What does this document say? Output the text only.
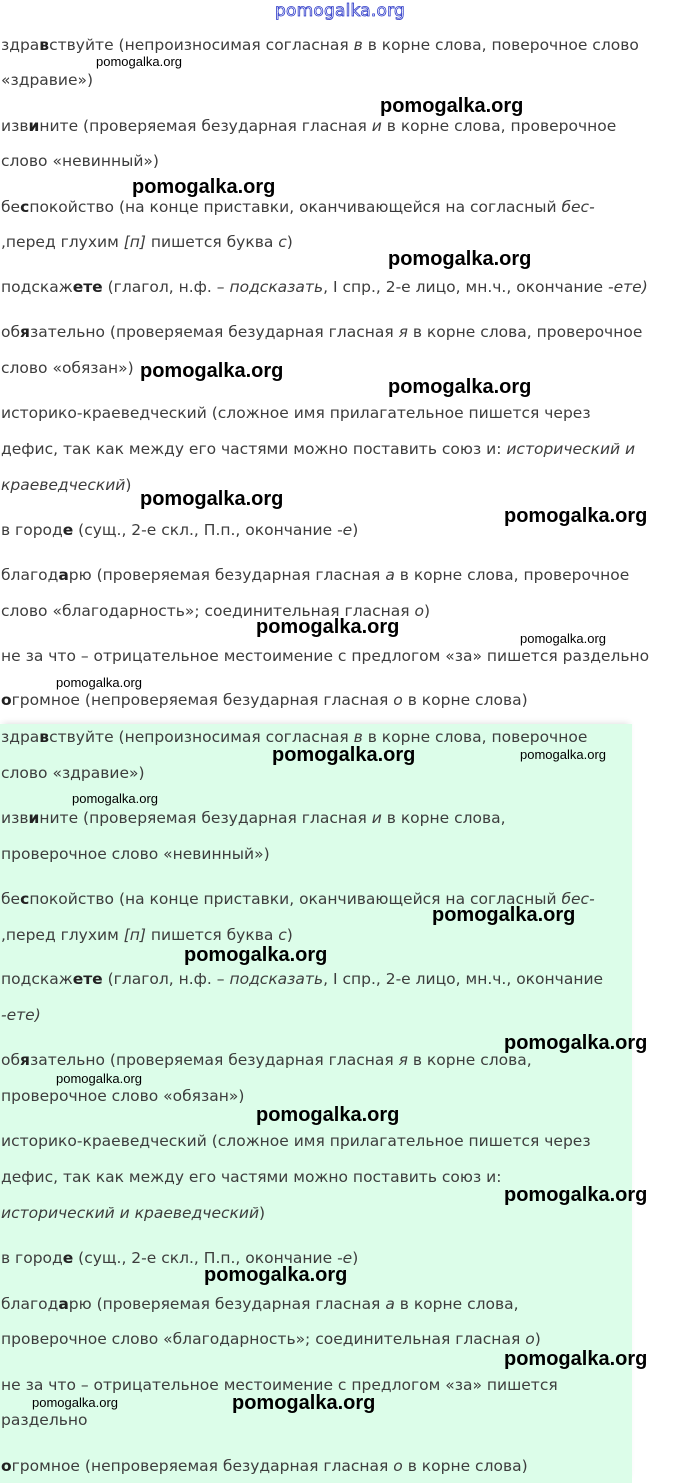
pomogalka.org
здравствуйте (непроизносимая согласная в в корне слова, поверочное слово
«здравие»)
извините (проверяемая безударная гласная и в корне слова, проверочное
слово «невинный»)
беспокойство (на конце приставки, оканчивающейся на согласный бес-
,перед глухим [п] пишется буква с)
подскажете (глагол, н.ф. – подсказать, I спр., 2-е лицо, мн.ч., окончание -ете)
обязательно (проверяемая безударная гласная я в корне слова, проверочное
слово «обязан»)
историко-краеведческий (сложное имя прилагательное пишется через
дефис, так как между его частями можно поставить союз и: исторический и
краеведческий)
в городе (сущ., 2-е скл., П.п., окончание -е)
благодарю (проверяемая безударная гласная а в корне слова, проверочное
слово «благодарность»; соединительная гласная о)
не за что – отрицательное местоимение с предлогом «за» пишется раздельно
огромное (непроверяемая безударная гласная о в корне слова)
здравствуйте (непроизносимая согласная в в корне слова, поверочное
слово «здравие»)
извините (проверяемая безударная гласная и в корне слова,
проверочное слово «невинный»)
беспокойство (на конце приставки, оканчивающейся на согласный бес-
,перед глухим [п] пишется буква с)
подскажете (глагол, н.ф. – подсказать, I спр., 2-е лицо, мн.ч., окончание
-ете)
обязательно (проверяемая безударная гласная я в корне слова,
проверочное слово «обязан»)
историко-краеведческий (сложное имя прилагательное пишется через
дефис, так как между его частями можно поставить союз и:
исторический и краеведческий)
в городе (сущ., 2-е скл., П.п., окончание -е)
благодарю (проверяемая безударная гласная а в корне слова,
проверочное слово «благодарность»; соединительная гласная о)
не за что – отрицательное местоимение с предлогом «за» пишется
раздельно
огромное (непроверяемая безударная гласная о в корне слова)
pomogalka.org
pomogalka.org
pomogalka.org
pomogalka.org
pomogalka.org
pomogalka.org
pomogalka.org
pomogalka.org
pomogalka.org
pomogalka.org
pomogalka.org
pomogalka.org	pomogalka.org
pomogalka.org
pomogalka.org
pomogalka.org
pomogalka.org
pomogalka.org
pomogalka.org
pomogalka.org
pomogalka.org
pomogalka.org
pomogalka.org	pomogalka.org
